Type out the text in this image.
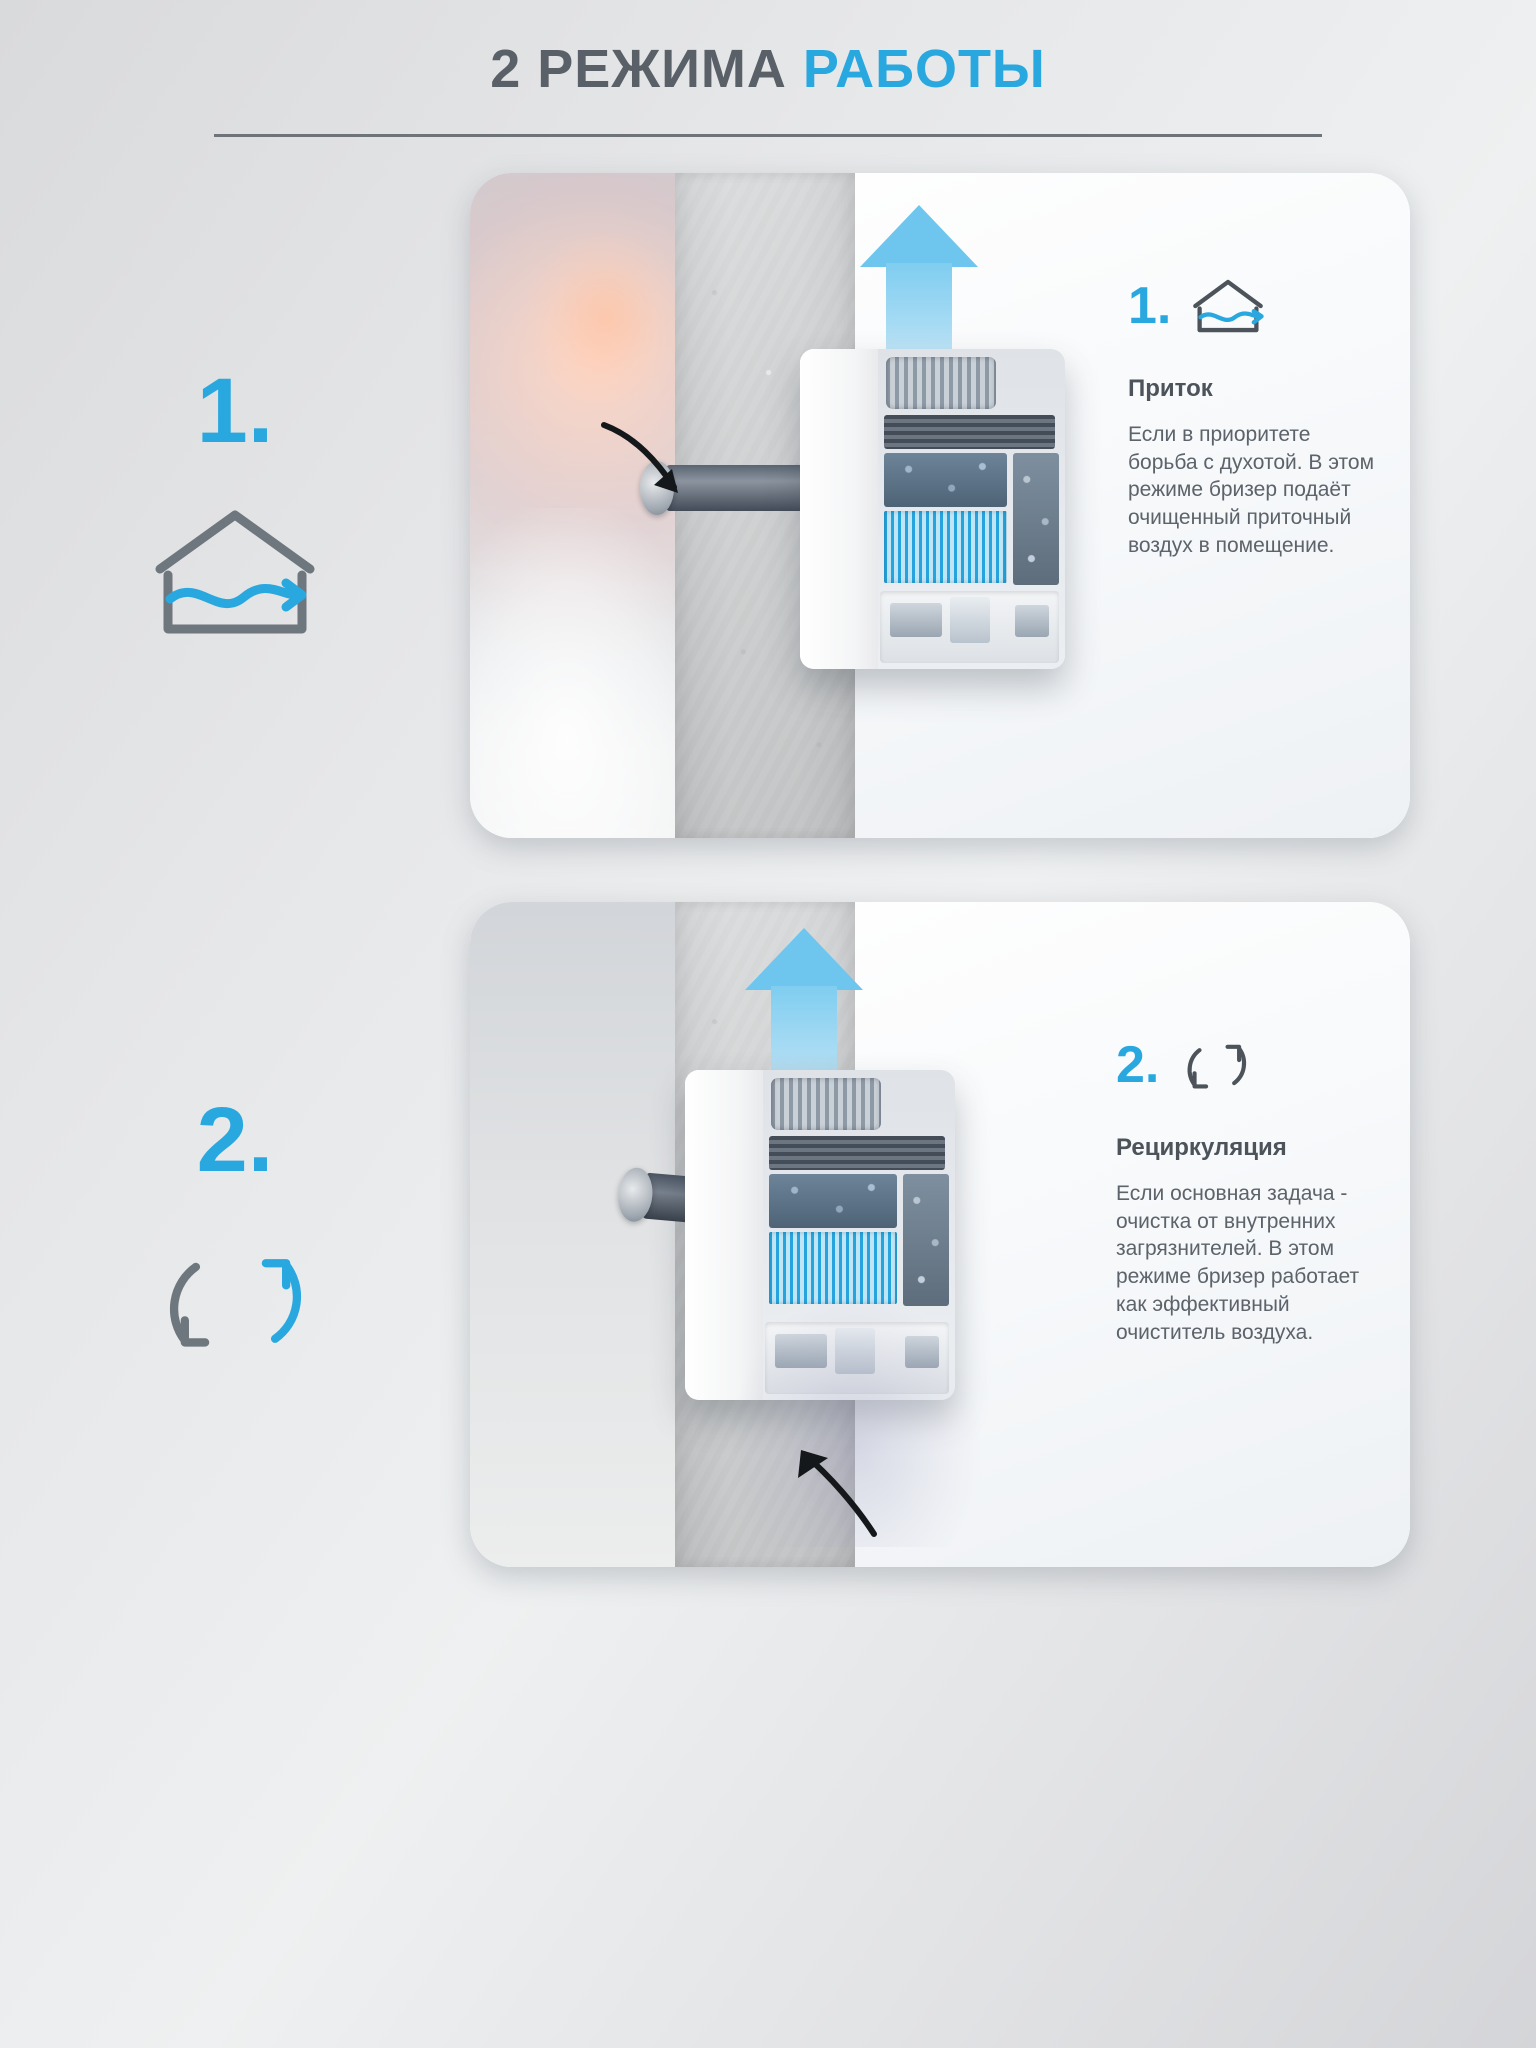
2 РЕЖИМА РАБОТЫ
1.
1.
Приток

Если в приоритете борьба с духотой. В этом режиме бризер подаёт очищенный приточный воздух в помещение.

2.
2.
Рециркуляция

Если основная задача - очистка от внутренних загрязнителей. В этом режиме бризер работает как эффективный очиститель воздуха.
